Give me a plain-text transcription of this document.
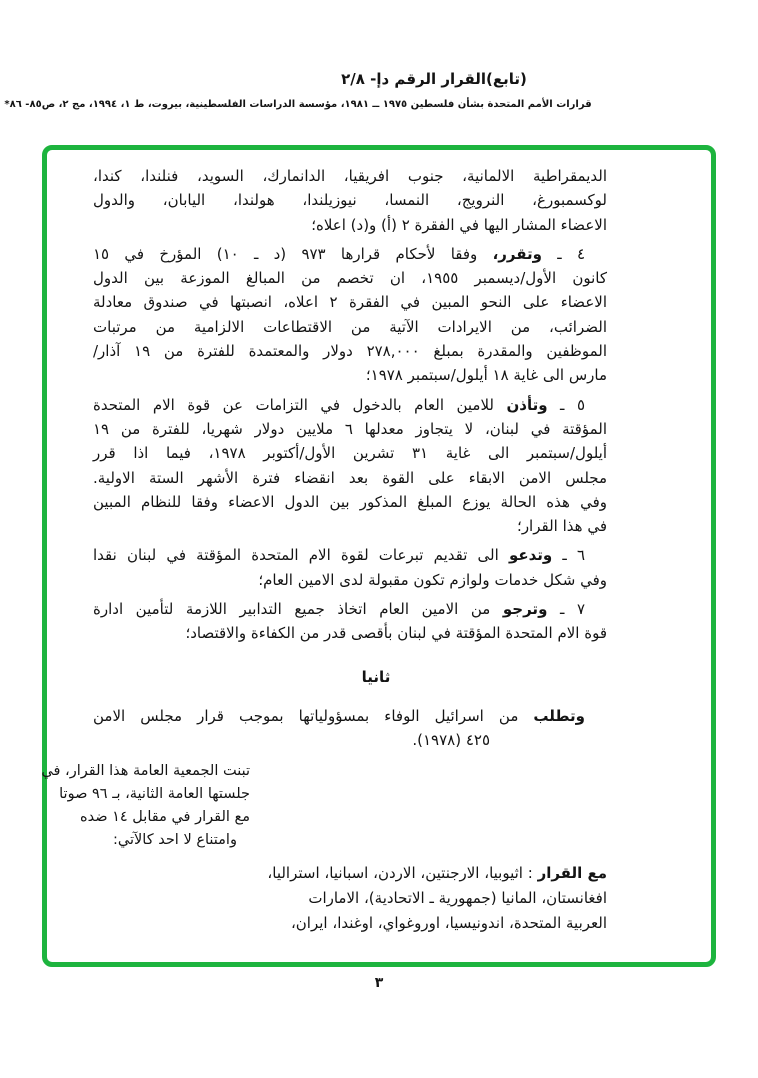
(تابع)القرار الرقم دإ- ٢/٨
قرارات الأمم المتحدة بشأن فلسطين ١٩٧٥ ــ ١٩٨١، مؤسسة الدراسات الفلسطينية، بيروت، ط ١، ١٩٩٤، مج ٢، ص٨٥- ٨٦*
الديمقراطية الالمانية، جنوب افريقيا، الدانمارك، السويد، فنلندا، كندا،
لوكسمبورغ، النرويج، النمسا، نيوزيلندا، هولندا، اليابان، والدول
الاعضاء المشار اليها في الفقرة ٢ (أ) و(د) اعلاه؛
٤ ـ وتقرر، وفقا لأحكام قرارها ٩٧٣ (د ـ ١٠) المؤرخ في ١٥
كانون الأول/ديسمبر ١٩٥٥، ان تخصم من المبالغ الموزعة بين الدول
الاعضاء على النحو المبين في الفقرة ٢ اعلاه، انصبتها في صندوق معادلة
الضرائب، من الايرادات الآتية من الاقتطاعات الالزامية من مرتبات
الموظفين والمقدرة بمبلغ ٢٧٨,٠٠٠ دولار والمعتمدة للفترة من ١٩ آذار/
مارس الى غاية ١٨ أيلول/سبتمبر ١٩٧٨؛
٥ ـ وتأذن للامين العام بالدخول في التزامات عن قوة الام المتحدة
المؤقتة في لبنان، لا يتجاوز معدلها ٦ ملايين دولار شهريا، للفترة من ١٩
أيلول/سبتمبر الى غاية ٣١ تشرين الأول/أكتوبر ١٩٧٨، فيما اذا قرر
مجلس الامن الابقاء على القوة بعد انقضاء فترة الأشهر الستة الاولية.
وفي هذه الحالة يوزع المبلغ المذكور بين الدول الاعضاء وفقا للنظام المبين
في هذا القرار؛
٦ ـ وتدعو الى تقديم تبرعات لقوة الام المتحدة المؤقتة في لبنان نقدا
وفي شكل خدمات ولوازم تكون مقبولة لدى الامين العام؛
٧ ـ وترجو من الامين العام اتخاذ جميع التدابير اللازمة لتأمين ادارة
قوة الام المتحدة المؤقتة في لبنان بأقصى قدر من الكفاءة والاقتصاد؛
ثانيا
وتطلب من اسرائيل الوفاء بمسؤولياتها بموجب قرار مجلس الامن
٤٢٥ (١٩٧٨).
تبنت الجمعية العامة هذا القرار، في
جلستها العامة الثانية، بـ ٩٦ صوتا
مع القرار في مقابل ١٤ ضده
وامتناع لا احد كالآتي:
مع القرار : اثيوبيا، الارجنتين، الاردن، اسبانيا، استراليا،
افغانستان، المانيا (جمهورية ـ الاتحادية)، الامارات
العربية المتحدة، اندونيسيا، اوروغواي، اوغندا، ايران،
٣
